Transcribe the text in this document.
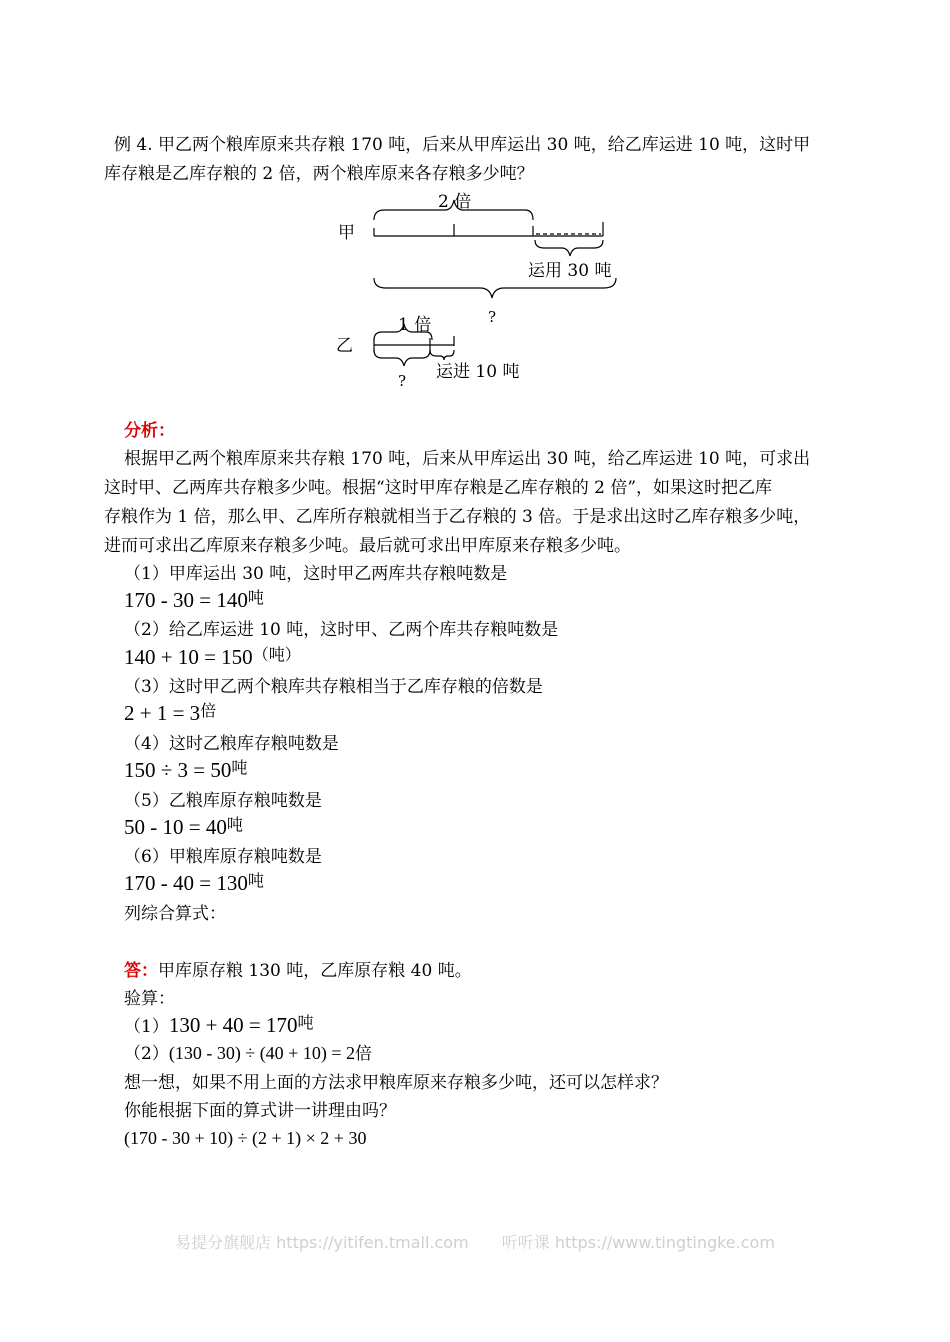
例 4. 甲乙两个粮库原来共存粮 170 吨，后来从甲库运出 30 吨，给乙库运进 10 吨，这时甲
库存粮是乙库存粮的 2 倍，两个粮库原来各存粮多少吨？
甲
2 倍
运用 30 吨
?
1 倍
乙
运进 10 吨
?
分析：
根据甲乙两个粮库原来共存粮 170 吨，后来从甲库运出 30 吨，给乙库运进 10 吨，可求出
这时甲、乙两库共存粮多少吨。根据“这时甲库存粮是乙库存粮的 2 倍”，如果这时把乙库
存粮作为 1 倍，那么甲、乙库所存粮就相当于乙存粮的 3 倍。于是求出这时乙库存粮多少吨，
进而可求出乙库原来存粮多少吨。最后就可求出甲库原来存粮多少吨。
（1）甲库运出 30 吨，这时甲乙两库共存粮吨数是
170 - 30 = 140吨
（2）给乙库运进 10 吨，这时甲、乙两个库共存粮吨数是
140 + 10 = 150（吨）
（3）这时甲乙两个粮库共存粮相当于乙库存粮的倍数是
2 + 1 = 3倍
（4）这时乙粮库存粮吨数是
150 ÷ 3 = 50吨
（5）乙粮库原存粮吨数是
50 - 10 = 40吨
（6）甲粮库原存粮吨数是
170 - 40 = 130吨
列综合算式：
答：甲库原存粮 130 吨，乙库原存粮 40 吨。
验算：
（1）130 + 40 = 170吨
（2）(130 - 30) ÷ (40 + 10) = 2倍
想一想，如果不用上面的方法求甲粮库原来存粮多少吨，还可以怎样求？
你能根据下面的算式讲一讲理由吗？
(170 - 30 + 10) ÷ (2 + 1) × 2 + 30
易提分旗舰店 https://yitifen.tmall.com 听听课 https://www.tingtingke.com
